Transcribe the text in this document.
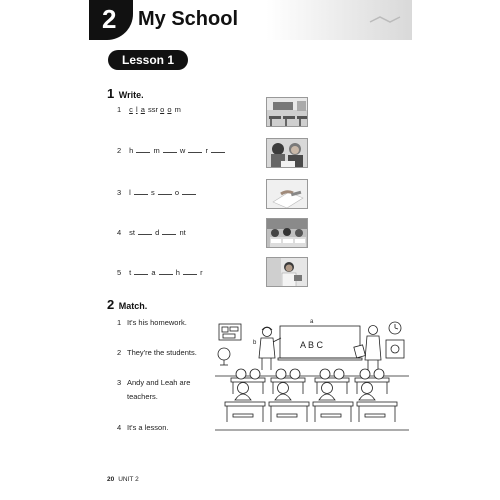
2 My School
Lesson 1
1 Write.
1 c l a ssr o o m
2 h	m	w	r
3 l	s	o
4 st	d	nt
5 t	a	h	r
2 Match.
1 It's his homework.
2 They're the students.
3 Andy and Leah are
teachers.
4 It's a lesson.
A B C
a
b
20 UNIT 2
